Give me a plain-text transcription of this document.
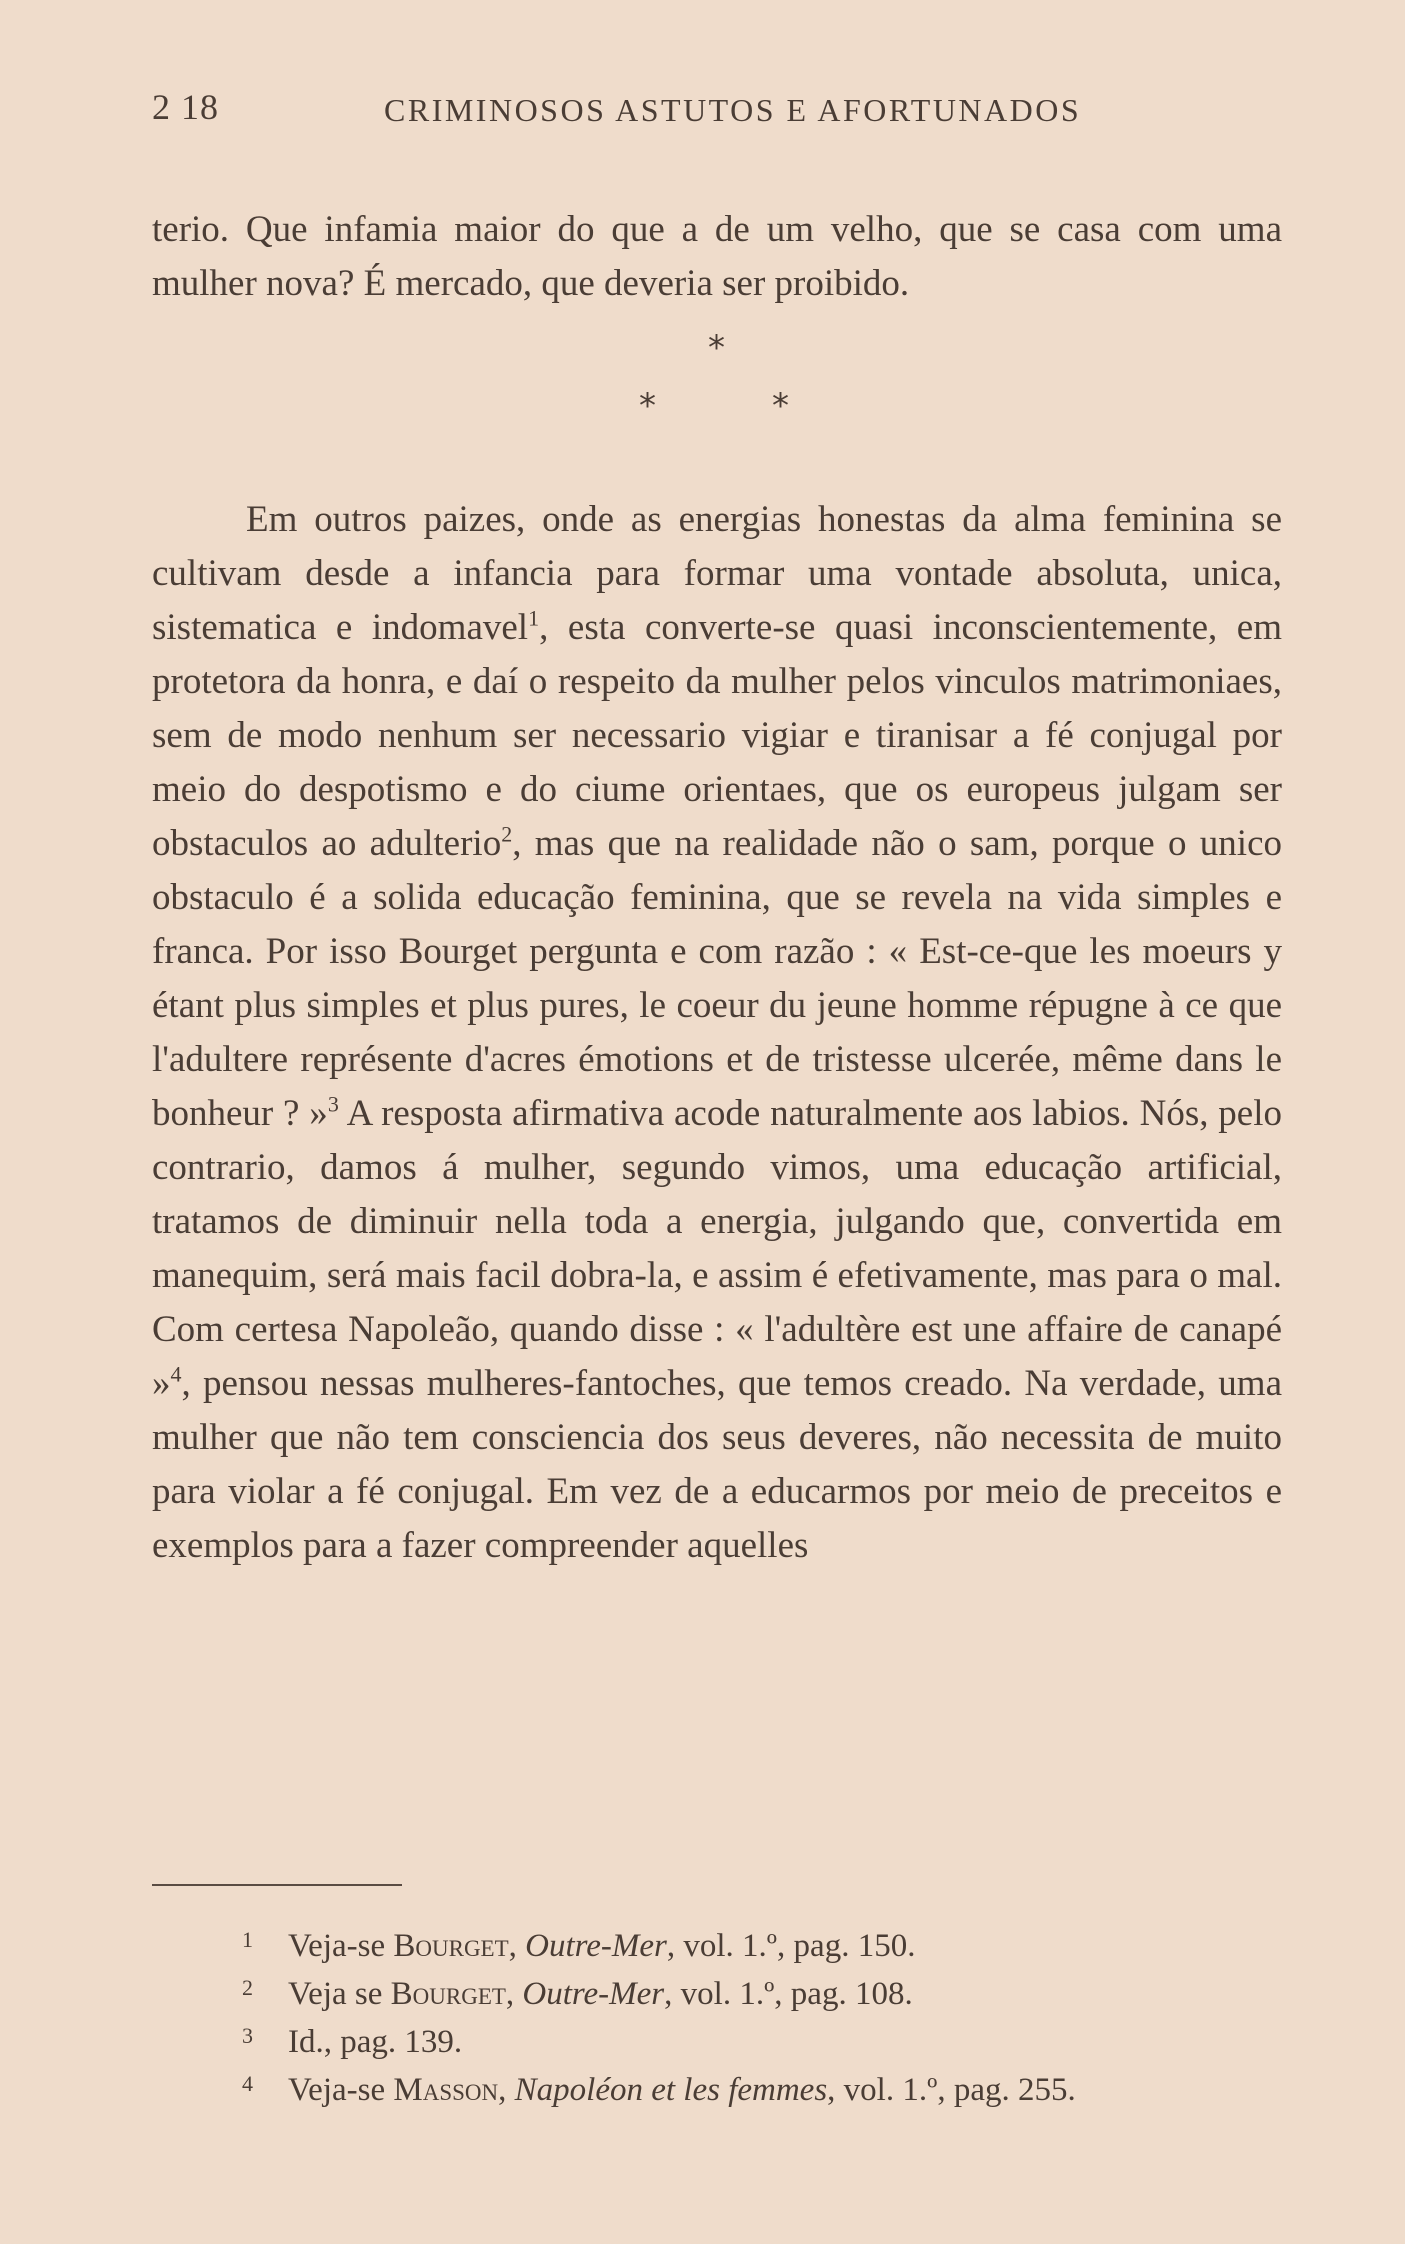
2 18	CRIMINOSOS ASTUTOS E AFORTUNADOS

terio. Que infamia maior do que a de um velho, que se casa com uma mulher nova? É mercado, que deveria ser proibido.

*
*	*

Em outros paizes, onde as energias honestas da alma feminina se cultivam desde a infancia para formar uma vontade absoluta, unica, sistematica e indomavel$^1$, esta converte-se quasi inconscientemente, em protetora da honra, e daí o respeito da mulher pelos vinculos matrimoniaes, sem de modo nenhum ser necessario vigiar e tiranisar a fé conjugal por meio do despotismo e do ciume orientaes, que os europeus julgam ser obstaculos ao adulterio$^2$, mas que na realidade não o sam, porque o unico obstaculo é a solida educação feminina, que se revela na vida simples e franca. Por isso Bourget pergunta e com razão : « Est-ce-que les moeurs y étant plus simples et plus pures, le coeur du jeune homme répugne à ce que l'adultere représente d'acres émotions et de tristesse ulcerée, même dans le bonheur ? »$^3$ A resposta afirmativa acode naturalmente aos labios. Nós, pelo contrario, damos á mulher, segundo vimos, uma educação artificial, tratamos de diminuir nella toda a energia, julgando que, convertida em manequim, será mais facil dobra-la, e assim é efetivamente, mas para o mal. Com certesa Napoleão, quando disse : « l'adultère est une affaire de canapé »$^4$, pensou nessas mulheres-fantoches, que temos creado. Na verdade, uma mulher que não tem consciencia dos seus deveres, não necessita de muito para violar a fé conjugal. Em vez de a educarmos por meio de preceitos e exemplos para a fazer compreender aquelles

1 Veja-se Bourget, Outre-Mer, vol. 1.º, pag. 150.
2 Veja se Bourget, Outre-Mer, vol. 1.º, pag. 108.
3 Id., pag. 139.
4 Veja-se Masson, Napoléon et les femmes, vol. 1.º, pag. 255.
